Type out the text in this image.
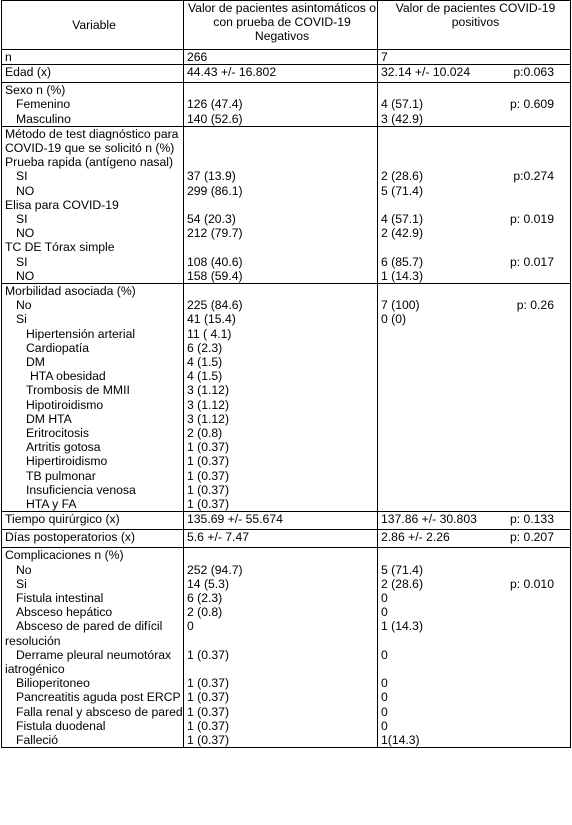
Variable	Valor de pacientes asintomáticos o con prueba de COVID-19 Negativos	Valor de pacientes COVID-19 positivos
n	266	7
Edad (x)	44.43 +/- 16.802	32.14 +/- 10.024 p:0.063

Sexo n (%)		
Femenino	126 (47.4)	4 (57.1) p: 0.609

Masculino	140 (52.6)	3 (42.9)
Método de test diagnóstico para COVID-19 que se solicitó n (%)		
Prueba rapida (antígeno nasal)		
SI	37 (13.9)	2 (28.6) p:0.274

NO	299 (86.1)	5 (71.4)
Elisa para COVID-19		
SI	54 (20.3)	4 (57.1) p: 0.019

NO	212 (79.7)	2 (42.9)
TC DE Tórax simple		
SI	108 (40.6)	6 (85.7) p: 0.017

NO	158 (59.4)	1 (14.3)
Morbilidad asociada (%)		
No	225 (84.6)	7 (100) p: 0.26

Si	41 (15.4)	0 (0)
Hipertensión arterial	11 ( 4.1)	
Cardiopatía	6 (2.3)	
DM	4 (1.5)	
HTA obesidad	4 (1.5)	
Trombosis de MMII	3 (1.12)	
Hipotiroidismo	3 (1.12)	
DM HTA	3 (1.12)	
Eritrocitosis	2 (0.8)	
Artritis gotosa	1 (0.37)	
Hipertiroidismo	1 (0.37)	
TB pulmonar	1 (0.37)	
Insuficiencia venosa	1 (0.37)	
HTA y FA	1 (0.37)	
Tiempo quirúrgico (x)	135.69 +/- 55.674	137.86 +/- 30.803 p: 0.133

Días postoperatorios (x)	5.6 +/- 7.47	2.86 +/- 2.26 p: 0.207

Complicaciones n (%)		
No	252 (94.7)	5 (71.4)
Si	14 (5.3)	2 (28.6) p: 0.010

Fistula intestinal	6 (2.3)	0
Absceso hepático	2 (0.8)	0
Absceso de pared de difícil resolución	0	1 (14.3)
Derrame pleural neumotórax iatrogénico	1 (0.37)	0
Bilioperitoneo	1 (0.37)	0
Pancreatitis aguda post ERCP	1 (0.37)	0
Falla renal y absceso de pared	1 (0.37)	0
Fistula duodenal	1 (0.37)	0
Falleció	1 (0.37)	1(14.3)
